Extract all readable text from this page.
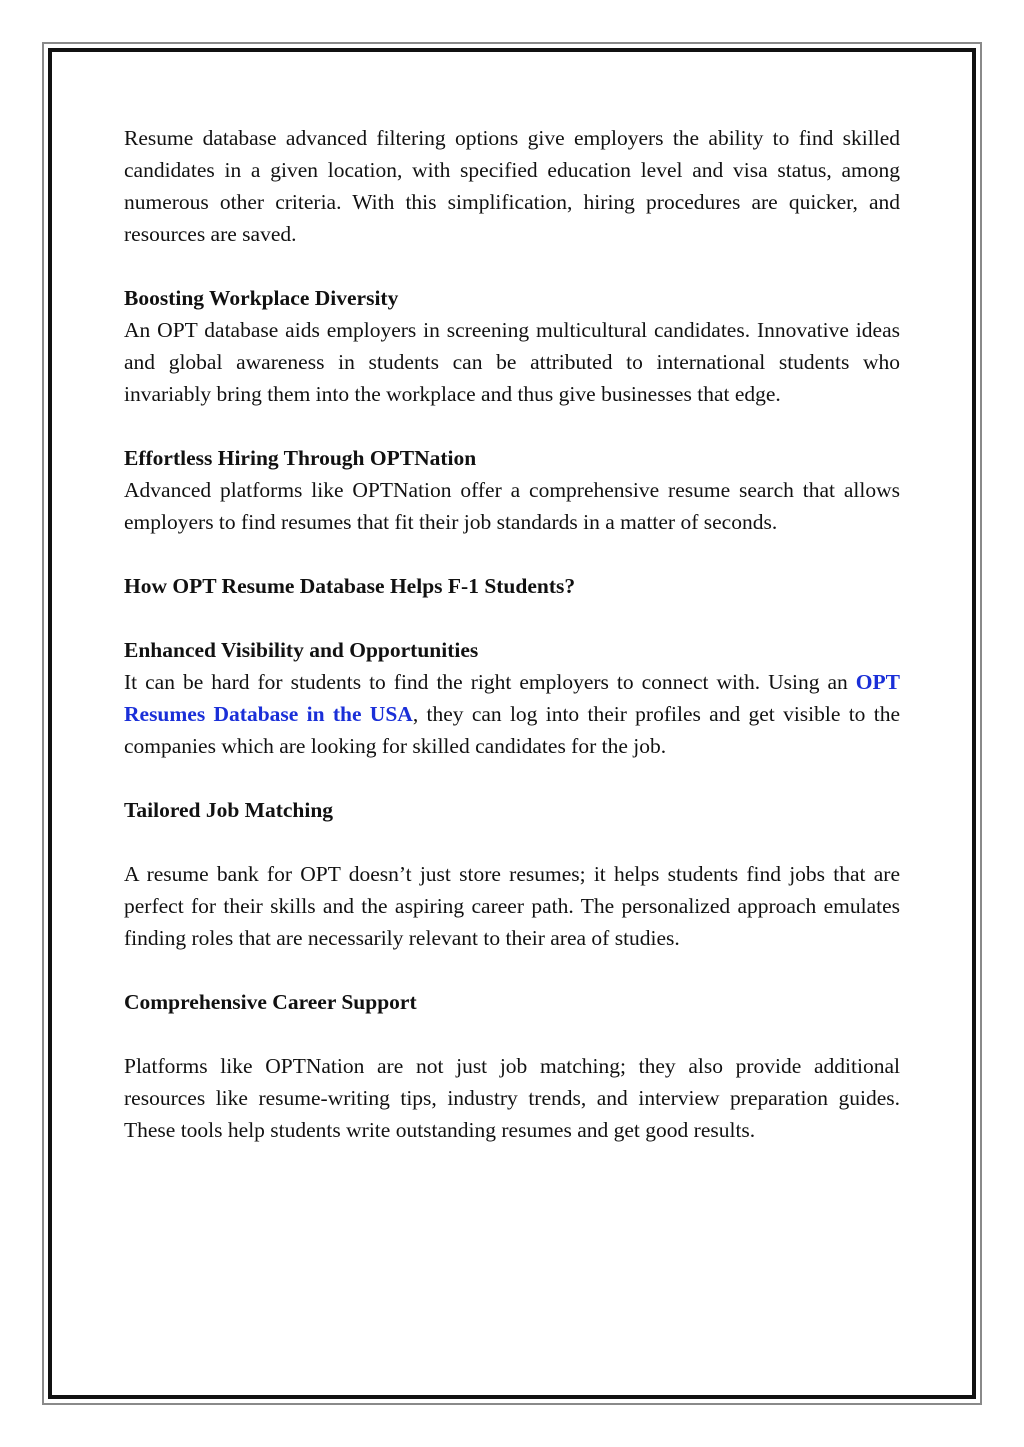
Resume database advanced filtering options give employers the ability to find skilled candidates in a given location, with specified education level and visa status, among numerous other criteria. With this simplification, hiring procedures are quicker, and resources are saved.

Boosting Workplace Diversity

An OPT database aids employers in screening multicultural candidates. Innovative ideas and global awareness in students can be attributed to international students who invariably bring them into the workplace and thus give businesses that edge.

Effortless Hiring Through OPTNation

Advanced platforms like OPTNation offer a comprehensive resume search that allows employers to find resumes that fit their job standards in a matter of seconds.

How OPT Resume Database Helps F-1 Students?

Enhanced Visibility and Opportunities

It can be hard for students to find the right employers to connect with. Using an OPT Resumes Database in the USA, they can log into their profiles and get visible to the companies which are looking for skilled candidates for the job.

Tailored Job Matching

A resume bank for OPT doesn’t just store resumes; it helps students find jobs that are perfect for their skills and the aspiring career path. The personalized approach emulates finding roles that are necessarily relevant to their area of studies.

Comprehensive Career Support

Platforms like OPTNation are not just job matching; they also provide additional resources like resume-writing tips, industry trends, and interview preparation guides. These tools help students write outstanding resumes and get good results.
